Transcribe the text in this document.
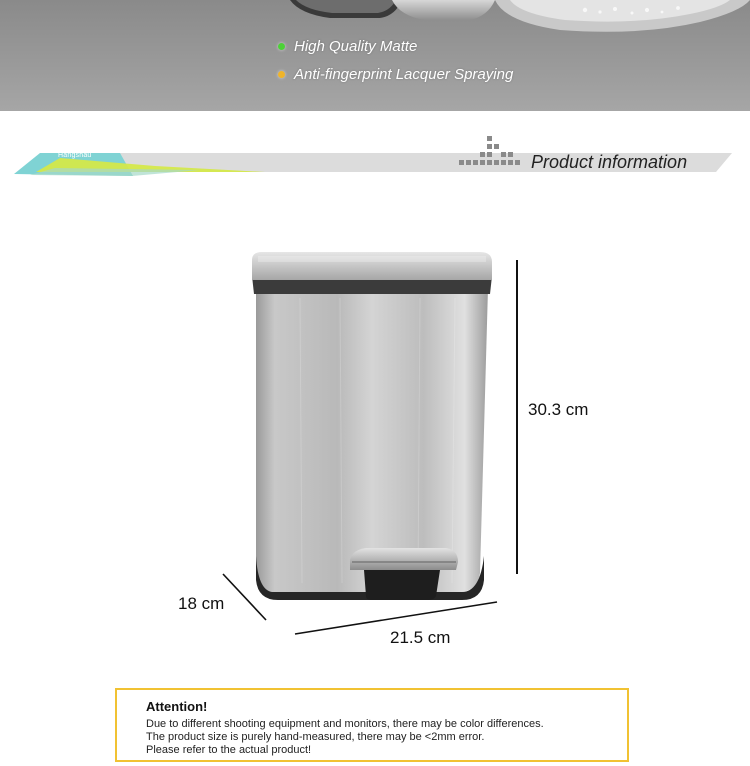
High Quality Matte
Anti-fingerprint Lacquer Spraying
Hangshau	Product information
30.3 cm
18 cm
21.5 cm
Attention!
Due to different shooting equipment and monitors, there may be color differences.
The product size is purely hand-measured, there may be <2mm error.
Please refer to the actual product!
